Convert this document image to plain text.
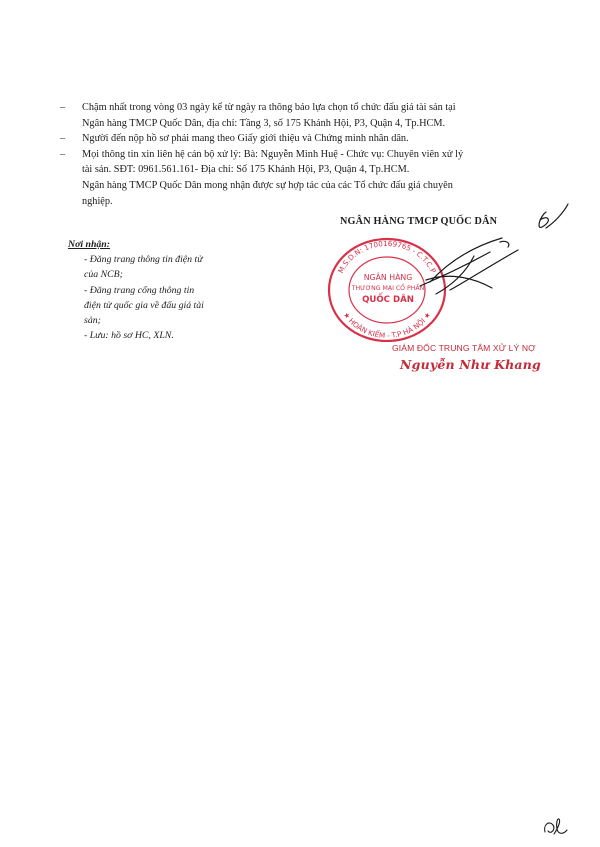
–	Chậm nhất trong vòng 03 ngày kể từ ngày ra thông báo lựa chọn tổ chức đấu giá tài sản tại
Ngân hàng TMCP Quốc Dân, địa chỉ: Tầng 3, số 175 Khánh Hội, P3, Quận 4, Tp.HCM.
–	Người đến nộp hồ sơ phải mang theo Giấy giới thiệu và Chứng minh nhân dân.
–	Mọi thông tin xin liên hệ cán bộ xử lý: Bà: Nguyễn Minh Huệ - Chức vụ: Chuyên viên xử lý
tài sản. SĐT: 0961.561.161- Địa chỉ: Số 175 Khánh Hội, P3, Quận 4, Tp.HCM.
Ngân hàng TMCP Quốc Dân mong nhận được sự hợp tác của các Tổ chức đấu giá chuyên
nghiệp.
Nơi nhận:
- Đăng trang thông tin điện tử
của NCB;
- Đăng trang cổng thông tin
điện tử quốc gia về đấu giá tài
sản;
- Lưu: hồ sơ HC, XLN.
NGÂN HÀNG TMCP QUỐC DÂN
M.S.D.N: 1700169765 - C.T.C.P
★ HOÀN KIẾM - T.P HÀ NỘI ★
NGÂN HÀNG
THƯƠNG MẠI CỔ PHẦN
QUỐC DÂN
GIÁM ĐỐC TRUNG TÂM XỬ LÝ NỢ
Nguyễn Như Khang
